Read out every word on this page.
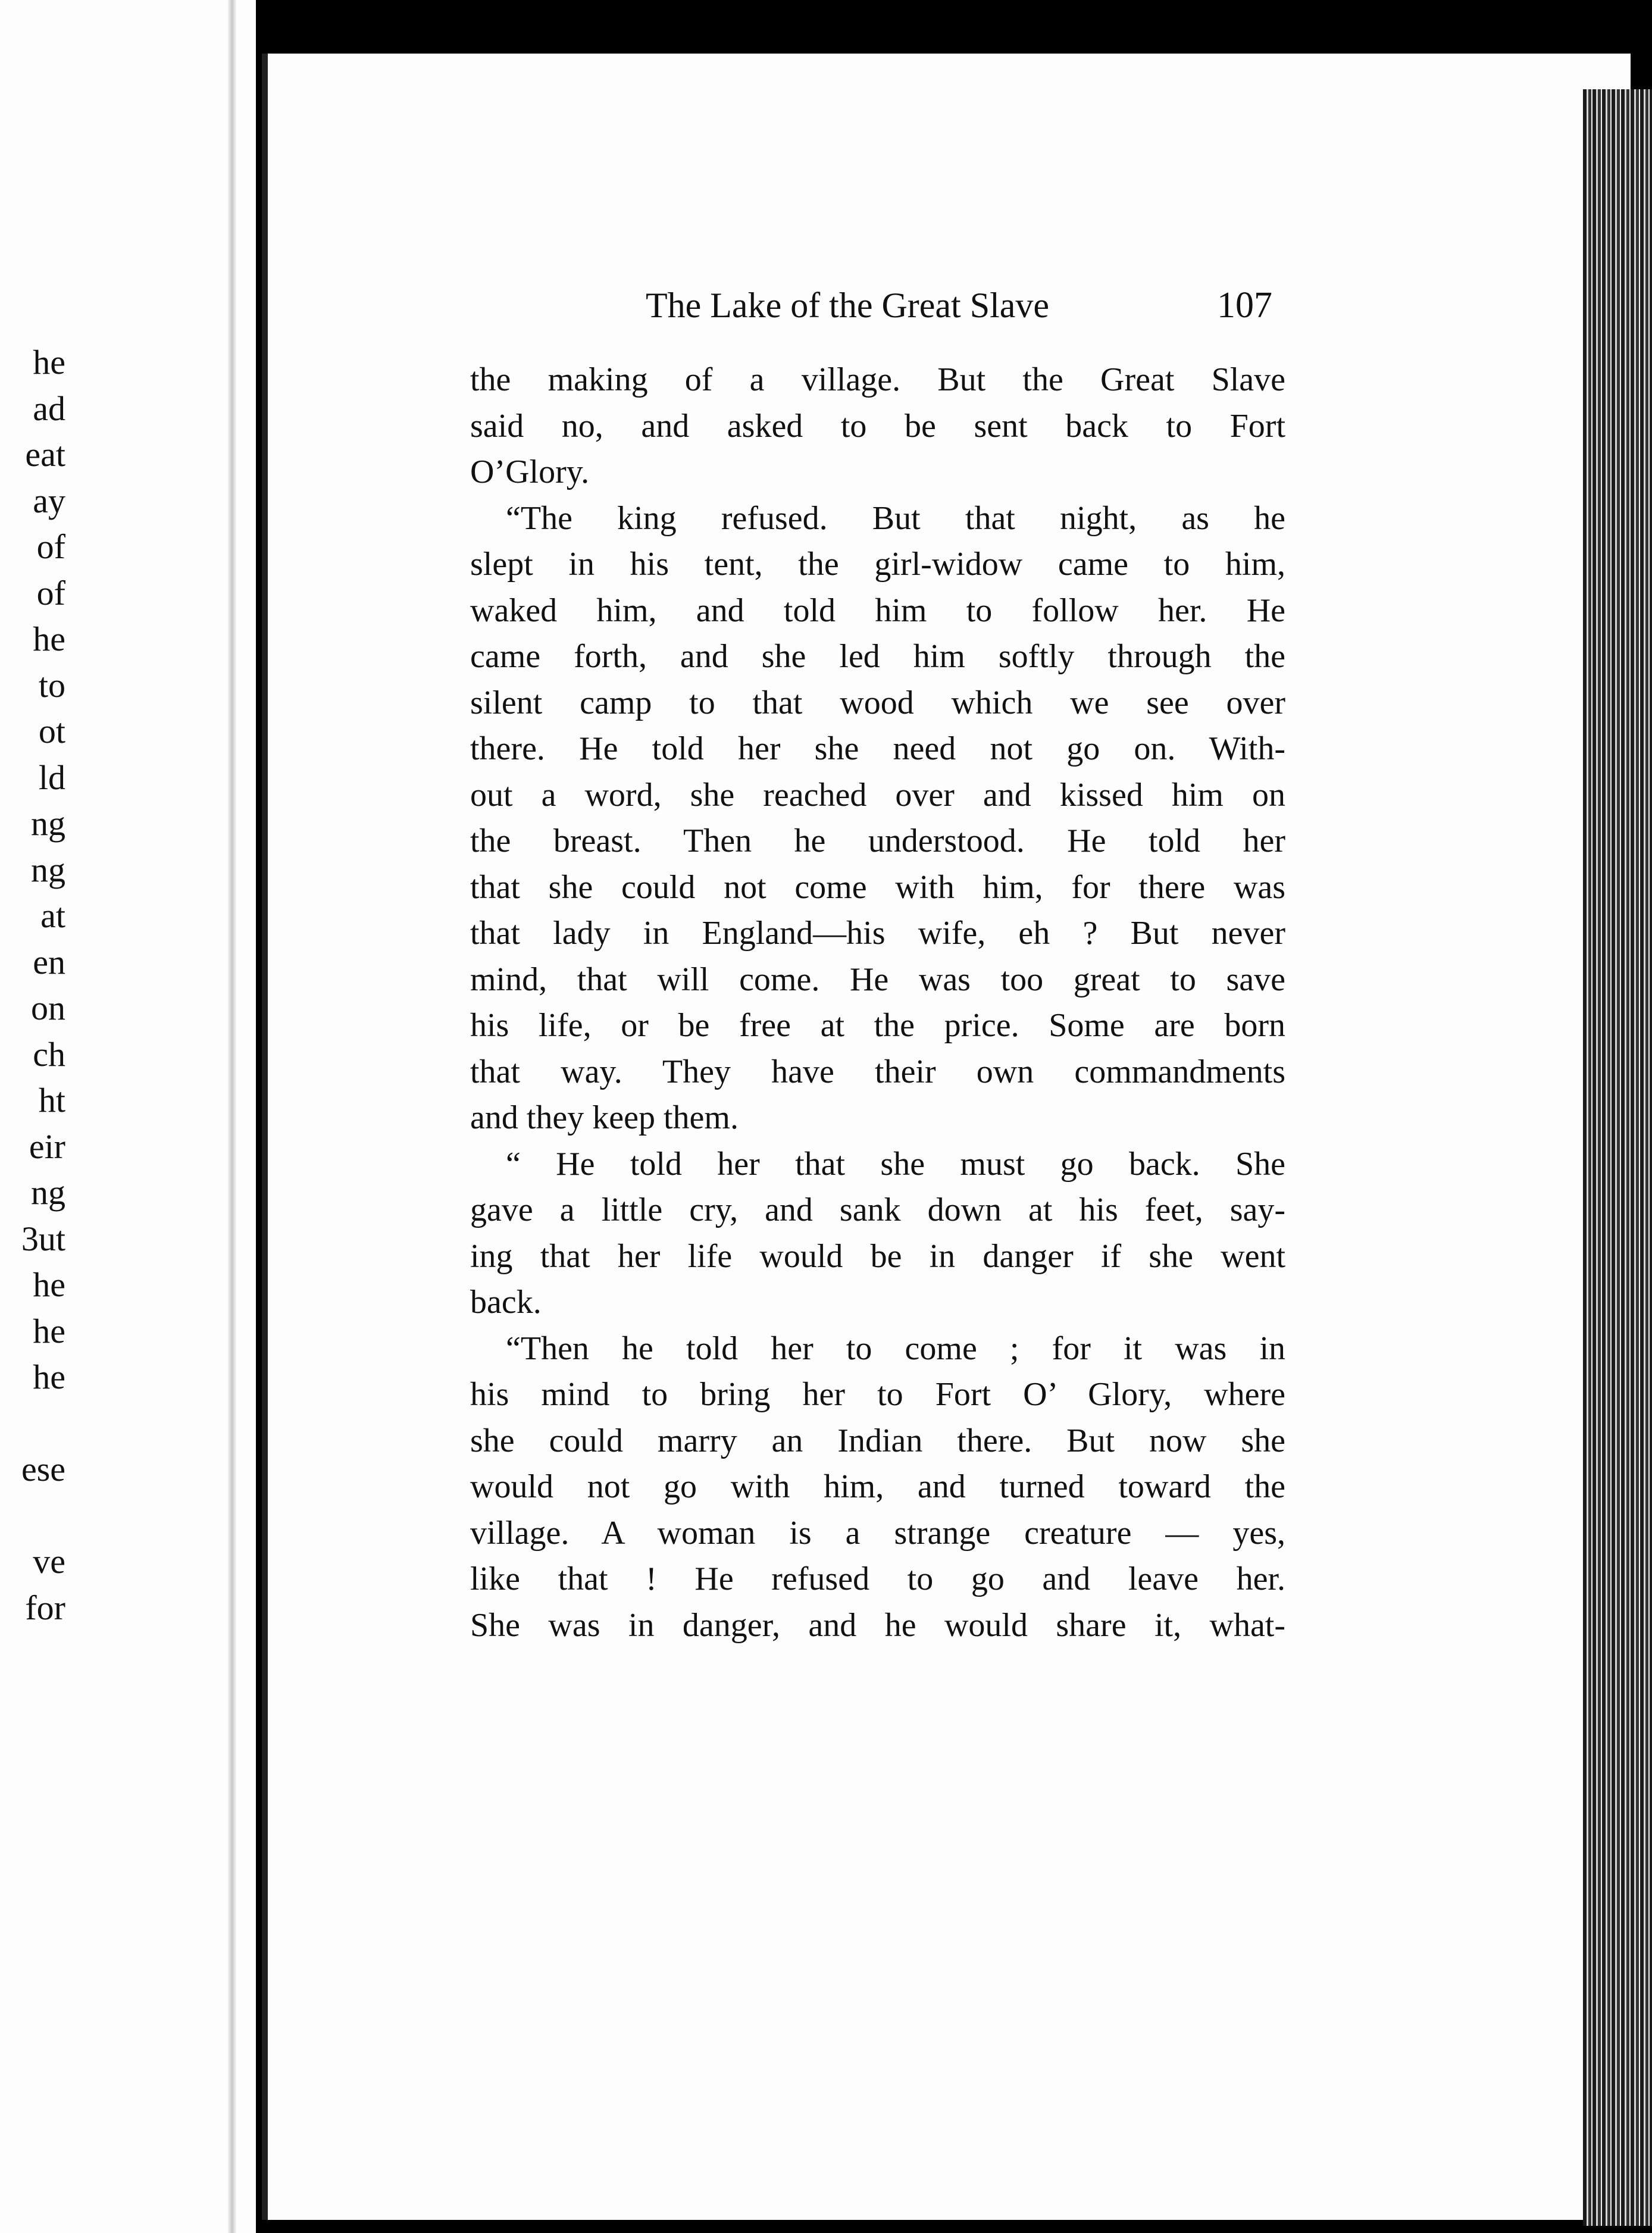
he
ad
eat
ay
of
of
he
to
ot
ld
ng
ng
at
en
on
ch
ht
eir
ng
3ut
he
he
he
ese
ve
for
The Lake of the Great Slave	107
the making of a village. But the Great Slave
said no, and asked to be sent back to Fort
O’Glory.
“The king refused. But that night, as he
slept in his tent, the girl-widow came to him,
waked him, and told him to follow her. He
came forth, and she led him softly through the
silent camp to that wood which we see over
there. He told her she need not go on. With-
out a word, she reached over and kissed him on
the breast. Then he understood. He told her
that she could not come with him, for there was
that lady in England—his wife, eh ? But never
mind, that will come. He was too great to save
his life, or be free at the price. Some are born
that way. They have their own commandments
and they keep them.
“ He told her that she must go back. She
gave a little cry, and sank down at his feet, say-
ing that her life would be in danger if she went
back.
“Then he told her to come ; for it was in
his mind to bring her to Fort O’ Glory, where
she could marry an Indian there. But now she
would not go with him, and turned toward the
village. A woman is a strange creature — yes,
like that ! He refused to go and leave her.
She was in danger, and he would share it, what-
